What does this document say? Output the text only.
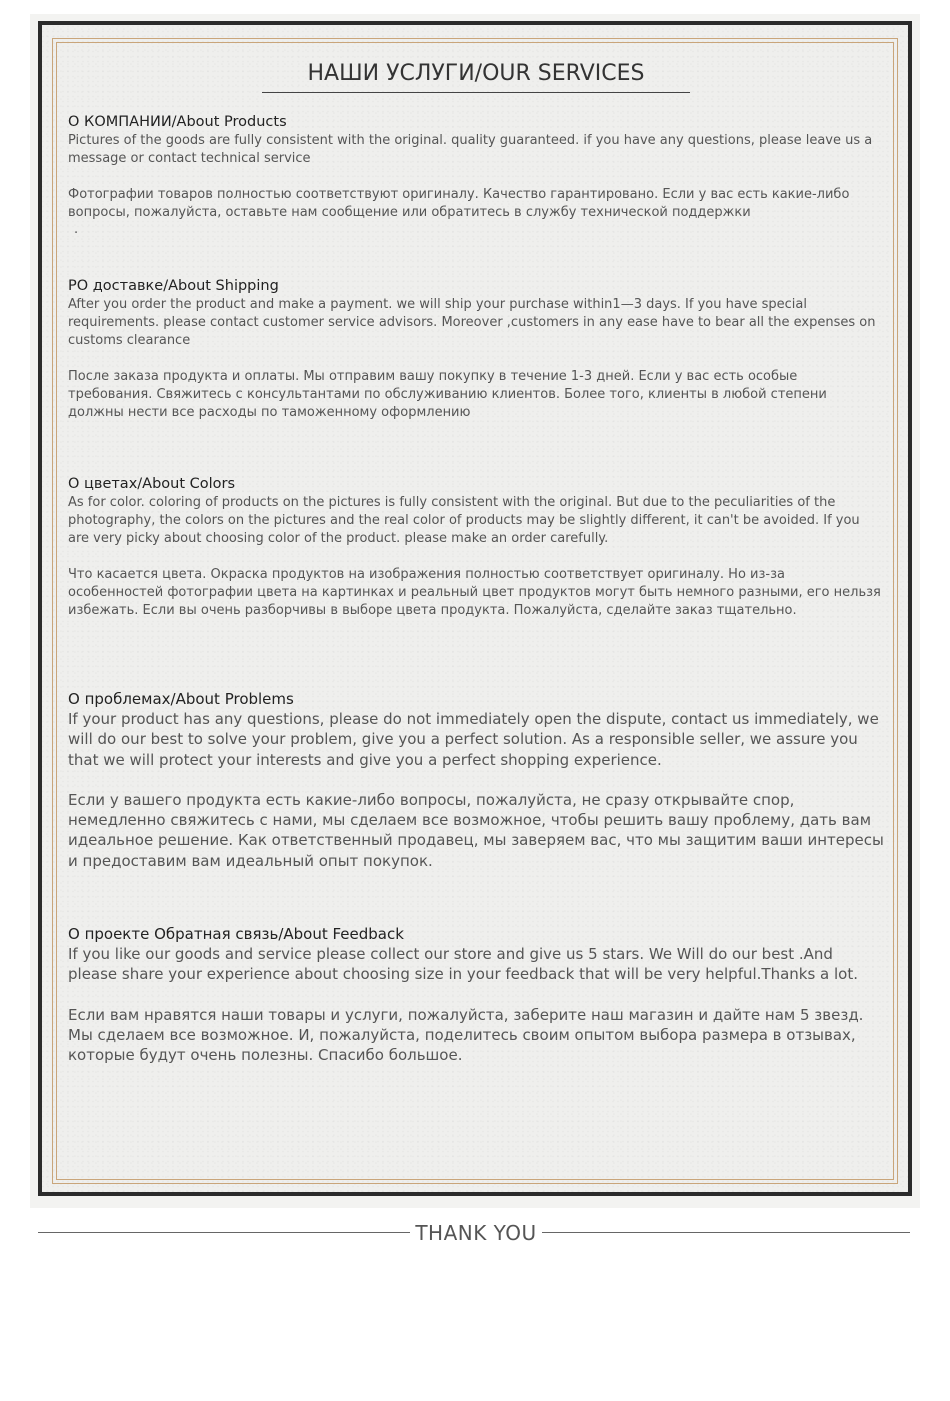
НАШИ УСЛУГИ/OUR SERVICES

О КОМПАНИИ/About Products

Pictures of the goods are fully consistent with the original. quality guaranteed. if you have any questions, please leave us a message or contact technical service

Фотографии товаров полностью соответствуют оригиналу. Качество гарантировано. Если у вас есть какие-либо вопросы, пожалуйста, оставьте нам сообщение или обратитесь в службу технической поддержки

.

PO доставке/About Shipping

After you order the product and make a payment. we will ship your purchase within1—3 days. If you have special requirements. please contact customer service advisors. Moreover ,customers in any ease have to bear all the expenses on customs clearance

После заказа продукта и оплаты. Мы отправим вашу покупку в течение 1-3 дней. Если у вас есть особые требования. Свяжитесь с консультантами по обслуживанию клиентов. Более того, клиенты в любой степени должны нести все расходы по таможенному оформлению

О цветах/About Colors

As for color. coloring of products on the pictures is fully consistent with the original. But due to the peculiarities of the photography, the colors on the pictures and the real color of products may be slightly different, it can't be avoided. If you are very picky about choosing color of the product. please make an order carefully.

Что касается цвета. Окраска продуктов на изображения полностью соответствует оригиналу. Но из-за особенностей фотографии цвета на картинках и реальный цвет продуктов могут быть немного разными, его нельзя избежать. Если вы очень разборчивы в выборе цвета продукта. Пожалуйста, сделайте заказ тщательно.

О проблемах/About Problems

If your product has any questions, please do not immediately open the dispute, contact us immediately, we will do our best to solve your problem, give you a perfect solution. As a responsible seller, we assure you that we will protect your interests and give you a perfect shopping experience.

Если у вашего продукта есть какие-либо вопросы, пожалуйста, не сразу открывайте спор, немедленно свяжитесь с нами, мы сделаем все возможное, чтобы решить вашу проблему, дать вам идеальное решение. Как ответственный продавец, мы заверяем вас, что мы защитим ваши интересы и предоставим вам идеальный опыт покупок.

О проекте Обратная связь/About Feedback

If you like our goods and service please collect our store and give us 5 stars. We Will do our best .And please share your experience about choosing size in your feedback that will be very helpful.Thanks a lot.

Если вам нравятся наши товары и услуги, пожалуйста, заберите наш магазин и дайте нам 5 звезд. Мы сделаем все возможное. И, пожалуйста, поделитесь своим опытом выбора размера в отзывах, которые будут очень полезны. Спасибо большое.

THANK YOU
